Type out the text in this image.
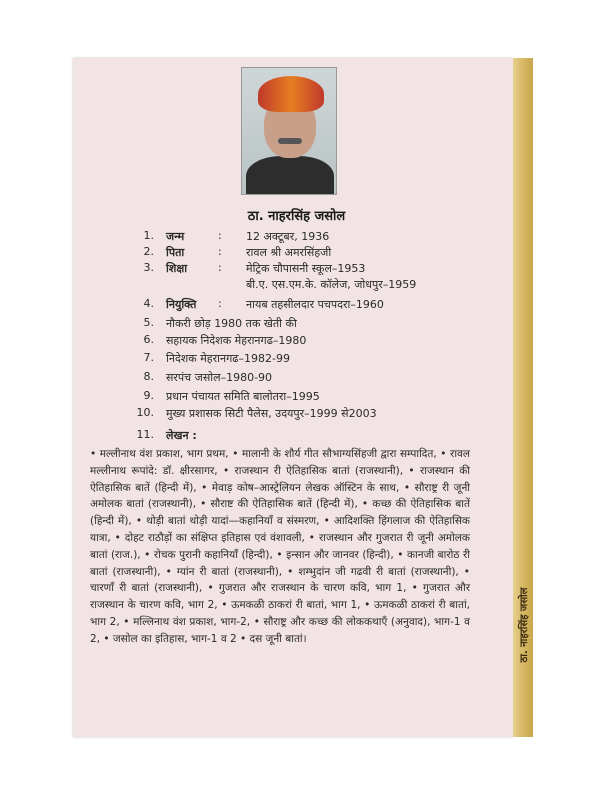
ठा. नाहरसिंह जसोल
ठा. नाहरसिंह जसोल
1. जन्म	: 12 अक्टूबर, 1936
2. पिता	: रावल श्री अमरसिंहजी
3. शिक्षा	: मेट्रिक चौपासनी स्कूल–1953
बी.ए. एस.एम.के. कॉलेज, जोधपुर–1959
4. नियुक्ति : नायब तहसीलदार पचपदरा–1960
5. नौकरी छोड़ 1980 तक खेती की
6. सहायक निदेशक मेहरानगढ–1980
7. निदेशक मेहरानगढ–1982-99
8. सरपंच जसोल–1980-90
9. प्रधान पंचायत समिति बालोतरा–1995
10. मुख्य प्रशासक सिटी पैलेस, उदयपुर–1999 से2003
11. लेखन :
• मल्लीनाथ वंश प्रकाश, भाग प्रथम, • मालानी के शौर्य गीत सौभाग्यसिंहजी द्वारा सम्पादित, • रावल मल्लीनाथ रूपांदे: डॉ. क्षीरसागर, • राजस्थान री ऐतिहासिक बातां (राजस्थानी), • राजस्थान की ऐतिहासिक बातें (हिन्दी में), • मेवाड़ कोष–आस्ट्रेलियन लेखक ऑस्टिन के साथ, • सौराष्ट्र री जूनी अमोलक बातां (राजस्थानी), • सौराष्ट की ऐतिहासिक बातें (हिन्दी में), • कच्छ की ऐतिहासिक बातें (हिन्दी में), • थोड़ी बातां थोड़ी यादां—कहानियाँ व संस्मरण, • आदिशक्ति हिंगलाज की ऐतिहासिक यात्रा, • दोहट राठौड़ों का संक्षिप्त इतिहास एवं वंशावली, • राजस्थान और गुजरात री जूनी अमोलक बातां (राज.), • रोचक पुरानी कहानियाँ (हिन्दी), • इन्सान और जानवर (हिन्दी), • कानजी बारोठ री बातां (राजस्थानी), • ग्यांन री बातां (राजस्थानी), • शम्भुदांन जी गढवी री बातां (राजस्थानी), • चारणाँ री बातां (राजस्थानी), • गुजरात और राजस्थान के चारण कवि, भाग 1, • गुजरात और राजस्थान के चारण कवि, भाग 2, • ऊमकळी ठाकरां री बातां, भाग 1, • ऊमकळी ठाकरां री बातां, भाग 2, • मल्लिनाथ वंश प्रकाश, भाग-2, • सौराष्ट्र और कच्छ की लोककथाएँ (अनुवाद), भाग-1 व 2, • जसोल का इतिहास, भाग-1 व 2 • दस जूनी बातां।
